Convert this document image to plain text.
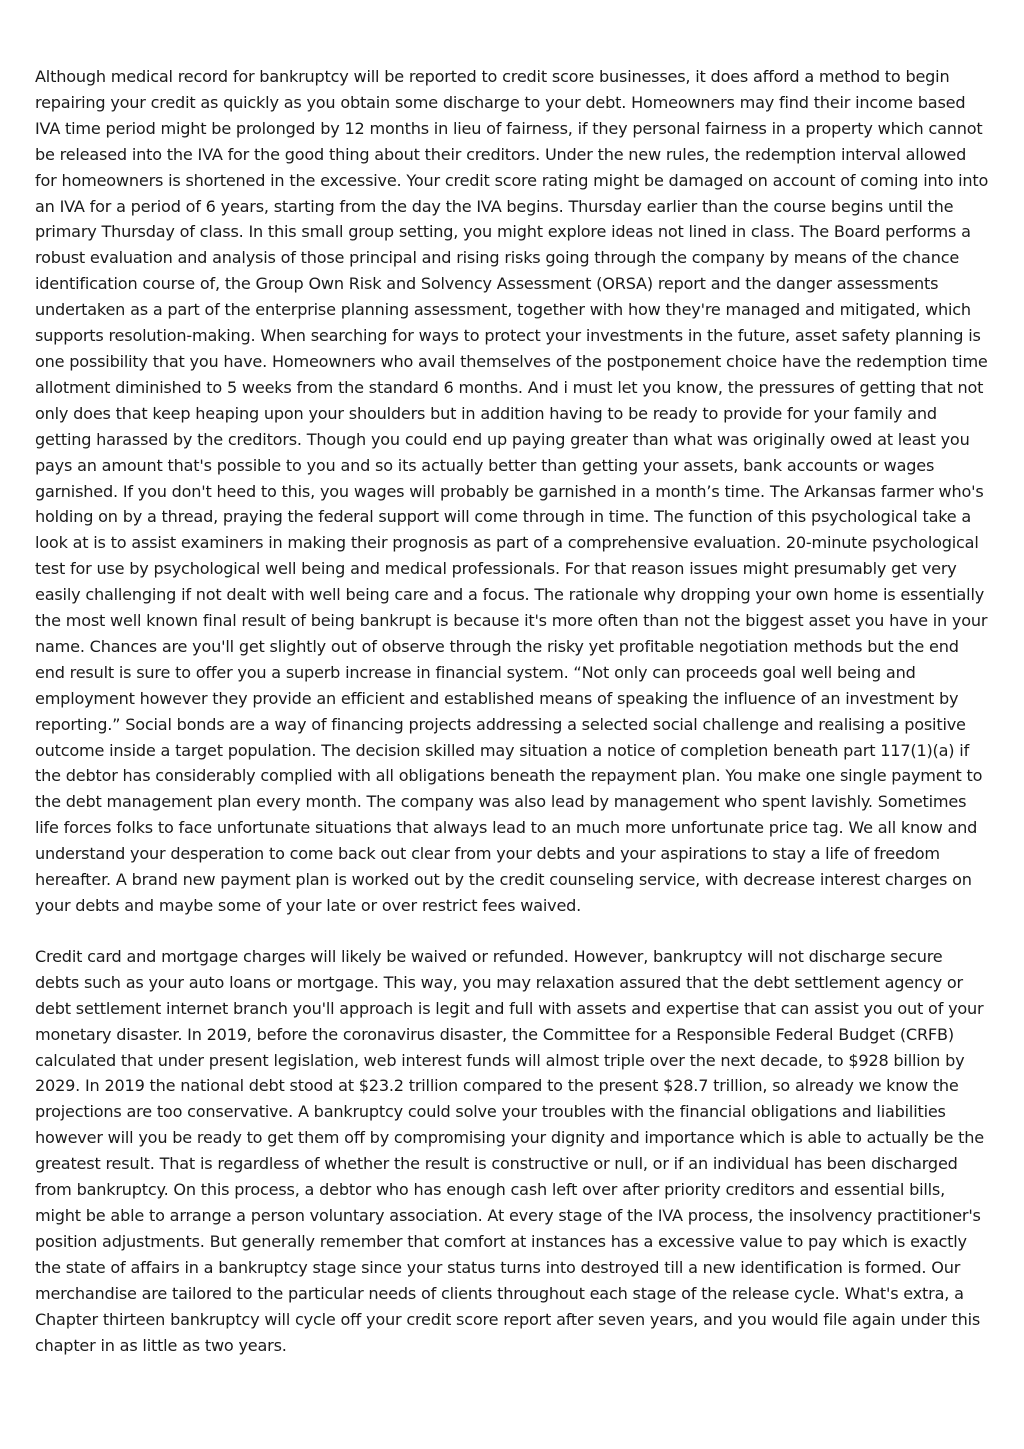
Although medical record for bankruptcy will be reported to credit score businesses, it does afford a method to begin repairing your credit as quickly as you obtain some discharge to your debt. Homeowners may find their income based IVA time period might be prolonged by 12 months in lieu of fairness, if they personal fairness in a property which cannot be released into the IVA for the good thing about their creditors. Under the new rules, the redemption interval allowed for homeowners is shortened in the excessive. Your credit score rating might be damaged on account of coming into into an IVA for a period of 6 years, starting from the day the IVA begins. Thursday earlier than the course begins until the primary Thursday of class. In this small group setting, you might explore ideas not lined in class. The Board performs a robust evaluation and analysis of those principal and rising risks going through the company by means of the chance identification course of, the Group Own Risk and Solvency Assessment (ORSA) report and the danger assessments undertaken as a part of the enterprise planning assessment, together with how they're managed and mitigated, which supports resolution-making. When searching for ways to protect your investments in the future, asset safety planning is one possibility that you have. Homeowners who avail themselves of the postponement choice have the redemption time allotment diminished to 5 weeks from the standard 6 months. And i must let you know, the pressures of getting that not only does that keep heaping upon your shoulders but in addition having to be ready to provide for your family and getting harassed by the creditors. Though you could end up paying greater than what was originally owed at least you pays an amount that's possible to you and so its actually better than getting your assets, bank accounts or wages garnished. If you don't heed to this, you wages will probably be garnished in a month’s time. The Arkansas farmer who's holding on by a thread, praying the federal support will come through in time. The function of this psychological take a look at is to assist examiners in making their prognosis as part of a comprehensive evaluation. 20-minute psychological test for use by psychological well being and medical professionals. For that reason issues might presumably get very easily challenging if not dealt with well being care and a focus. The rationale why dropping your own home is essentially the most well known final result of being bankrupt is because it's more often than not the biggest asset you have in your name. Chances are you'll get slightly out of observe through the risky yet profitable negotiation methods but the end end result is sure to offer you a superb increase in financial system. “Not only can proceeds goal well being and employment however they provide an efficient and established means of speaking the influence of an investment by reporting.” Social bonds are a way of financing projects addressing a selected social challenge and realising a positive outcome inside a target population. The decision skilled may situation a notice of completion beneath part 117(1)(a) if the debtor has considerably complied with all obligations beneath the repayment plan. You make one single payment to the debt management plan every month. The company was also lead by management who spent lavishly. Sometimes life forces folks to face unfortunate situations that always lead to an much more unfortunate price tag. We all know and understand your desperation to come back out clear from your debts and your aspirations to stay a life of freedom hereafter. A brand new payment plan is worked out by the credit counseling service, with decrease interest charges on your debts and maybe some of your late or over restrict fees waived.

Credit card and mortgage charges will likely be waived or refunded. However, bankruptcy will not discharge secure debts such as your auto loans or mortgage. This way, you may relaxation assured that the debt settlement agency or debt settlement internet branch you'll approach is legit and full with assets and expertise that can assist you out of your monetary disaster. In 2019, before the coronavirus disaster, the Committee for a Responsible Federal Budget (CRFB) calculated that under present legislation, web interest funds will almost triple over the next decade, to $928 billion by 2029. In 2019 the national debt stood at $23.2 trillion compared to the present $28.7 trillion, so already we know the projections are too conservative. A bankruptcy could solve your troubles with the financial obligations and liabilities however will you be ready to get them off by compromising your dignity and importance which is able to actually be the greatest result. That is regardless of whether the result is constructive or null, or if an individual has been discharged from bankruptcy. On this process, a debtor who has enough cash left over after priority creditors and essential bills, might be able to arrange a person voluntary association. At every stage of the IVA process, the insolvency practitioner's position adjustments. But generally remember that comfort at instances has a excessive value to pay which is exactly the state of affairs in a bankruptcy stage since your status turns into destroyed till a new identification is formed. Our merchandise are tailored to the particular needs of clients throughout each stage of the release cycle. What's extra, a Chapter thirteen bankruptcy will cycle off your credit score report after seven years, and you would file again under this chapter in as little as two years.
